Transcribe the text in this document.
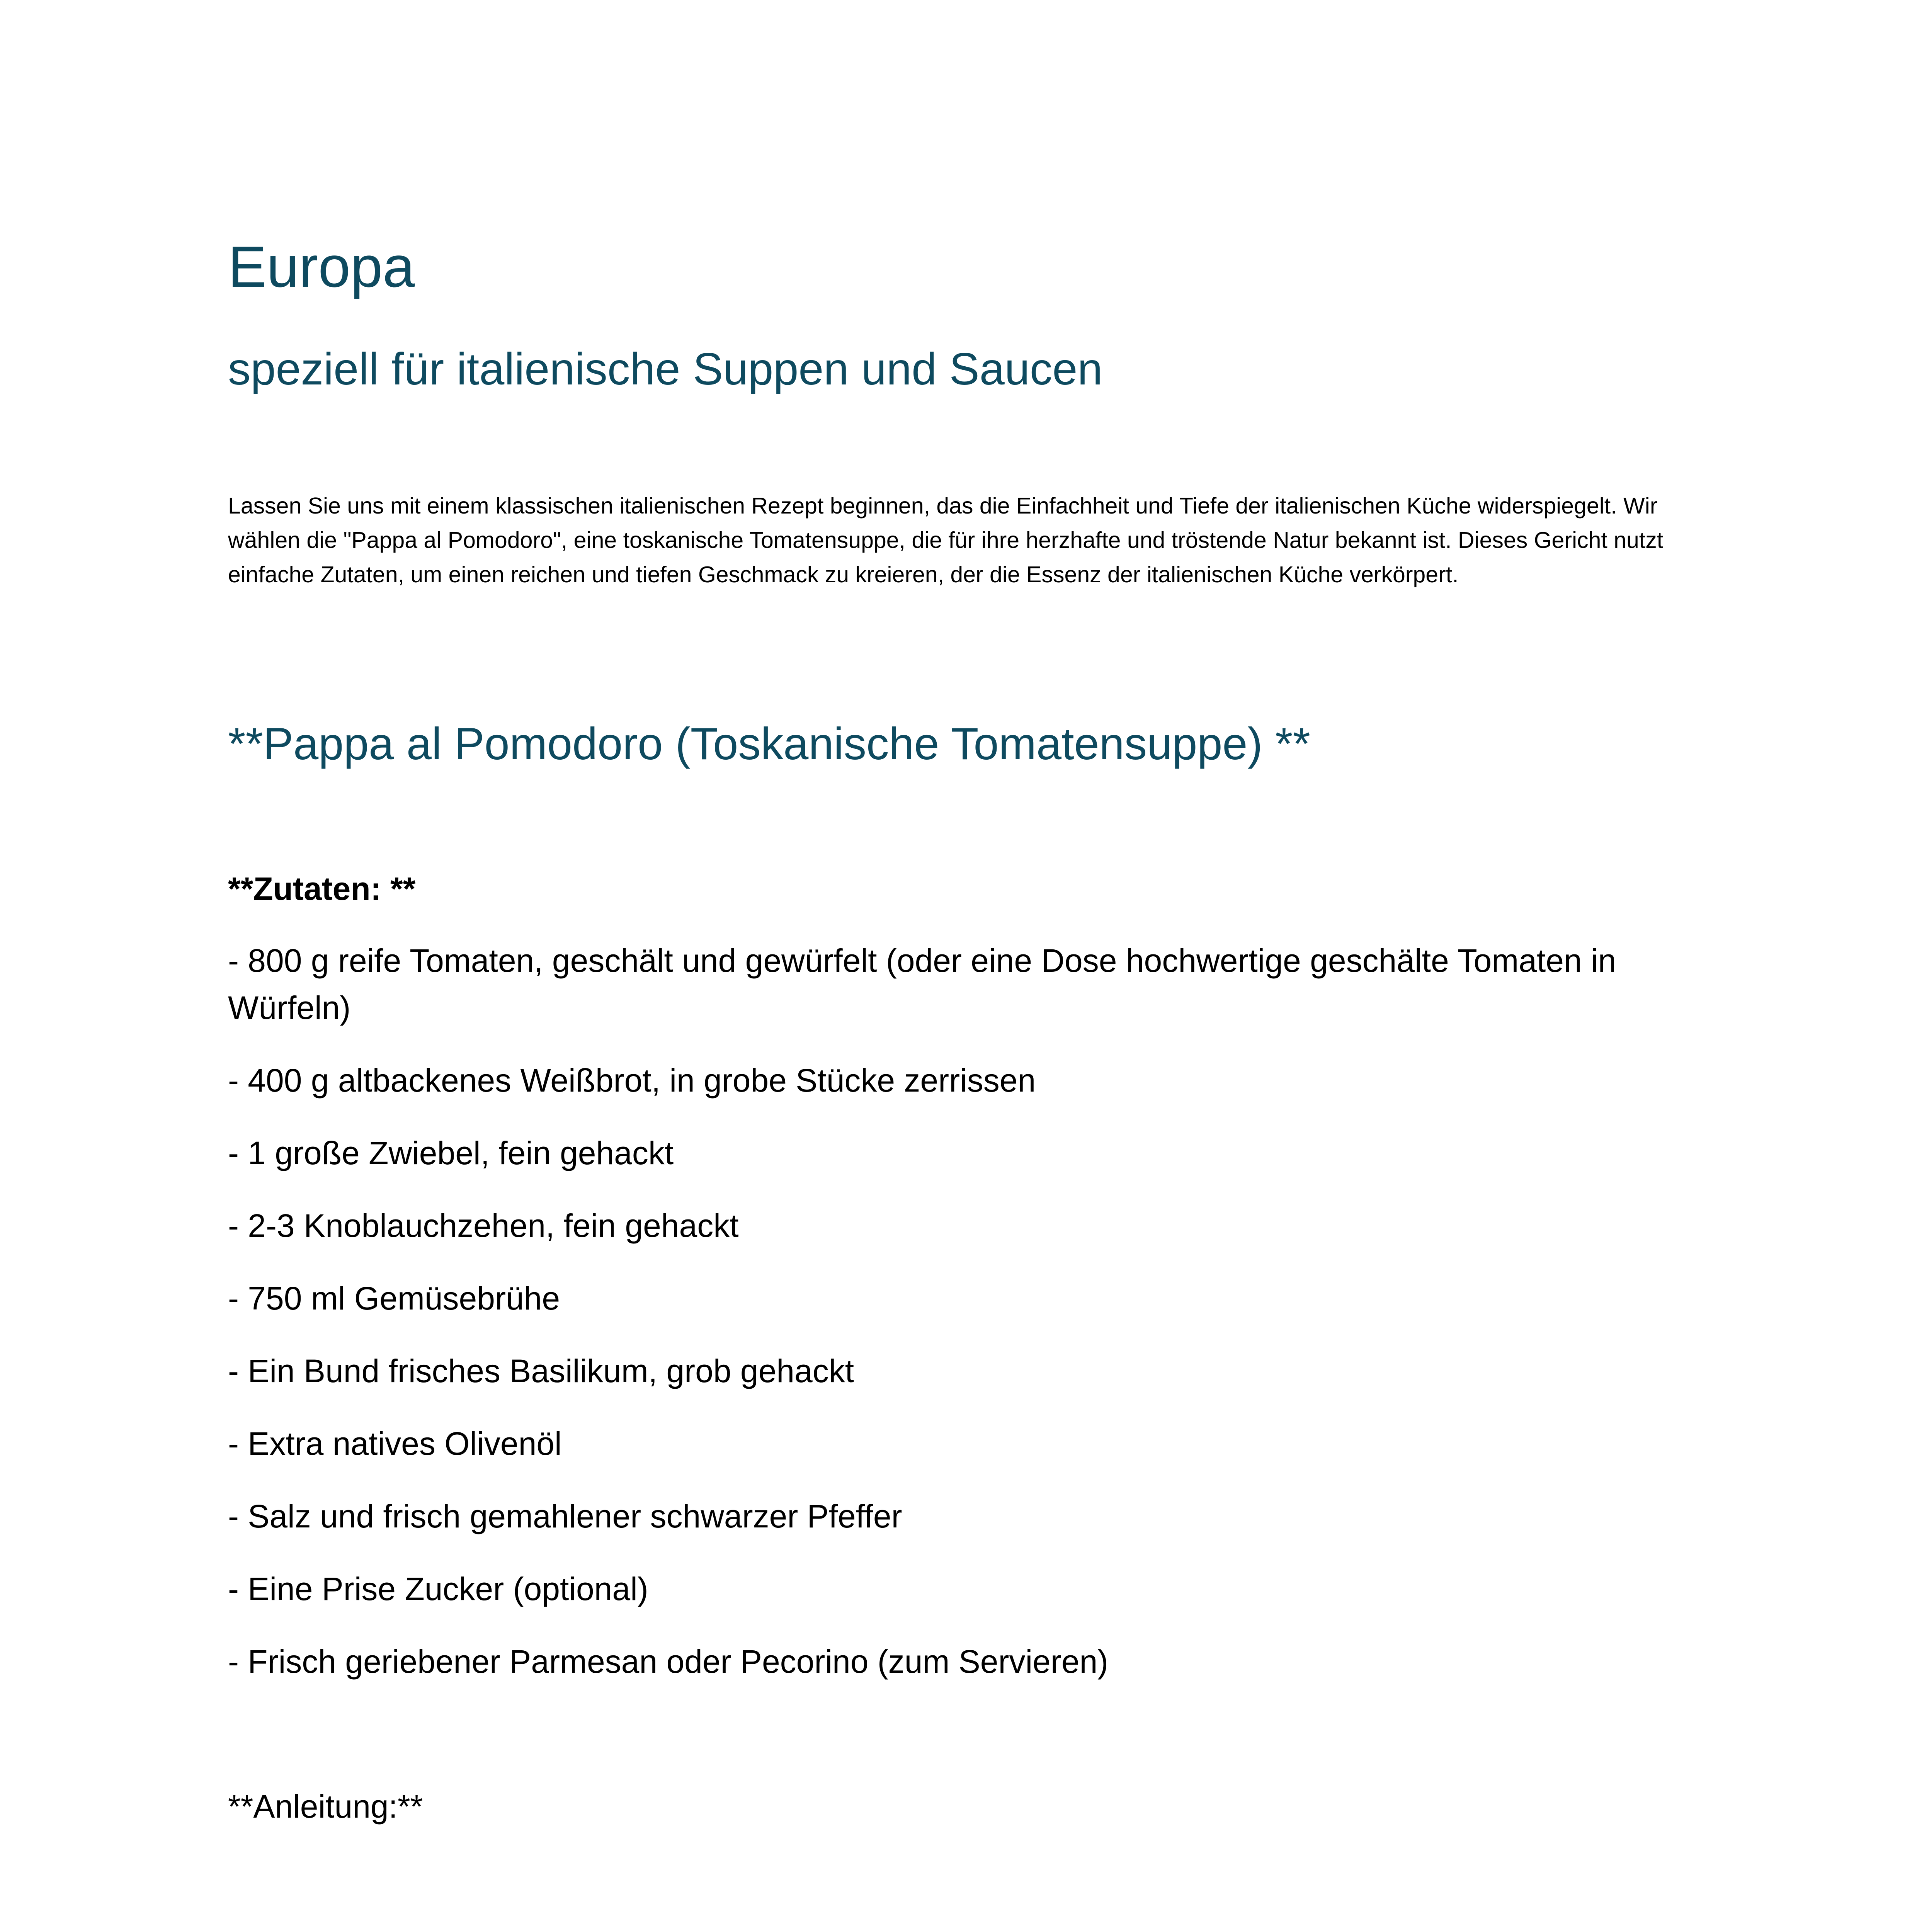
Europa
speziell für italienische Suppen und Saucen

Lassen Sie uns mit einem klassischen italienischen Rezept beginnen, das die Einfachheit und Tiefe der italienischen Küche widerspiegelt. Wir wählen die "Pappa al Pomodoro", eine toskanische Tomatensuppe, die für ihre herzhafte und tröstende Natur bekannt ist. Dieses Gericht nutzt einfache Zutaten, um einen reichen und tiefen Geschmack zu kreieren, der die Essenz der italienischen Küche verkörpert.

**Pappa al Pomodoro (Toskanische Tomatensuppe) **

**Zutaten: **

- 800 g reife Tomaten, geschält und gewürfelt (oder eine Dose hochwertige geschälte Tomaten in Würfeln)
- 400 g altbackenes Weißbrot, in grobe Stücke zerrissen
- 1 große Zwiebel, fein gehackt
- 2-3 Knoblauchzehen, fein gehackt
- 750 ml Gemüsebrühe
- Ein Bund frisches Basilikum, grob gehackt
- Extra natives Olivenöl
- Salz und frisch gemahlener schwarzer Pfeffer
- Eine Prise Zucker (optional)
- Frisch geriebener Parmesan oder Pecorino (zum Servieren)

**Anleitung:**
